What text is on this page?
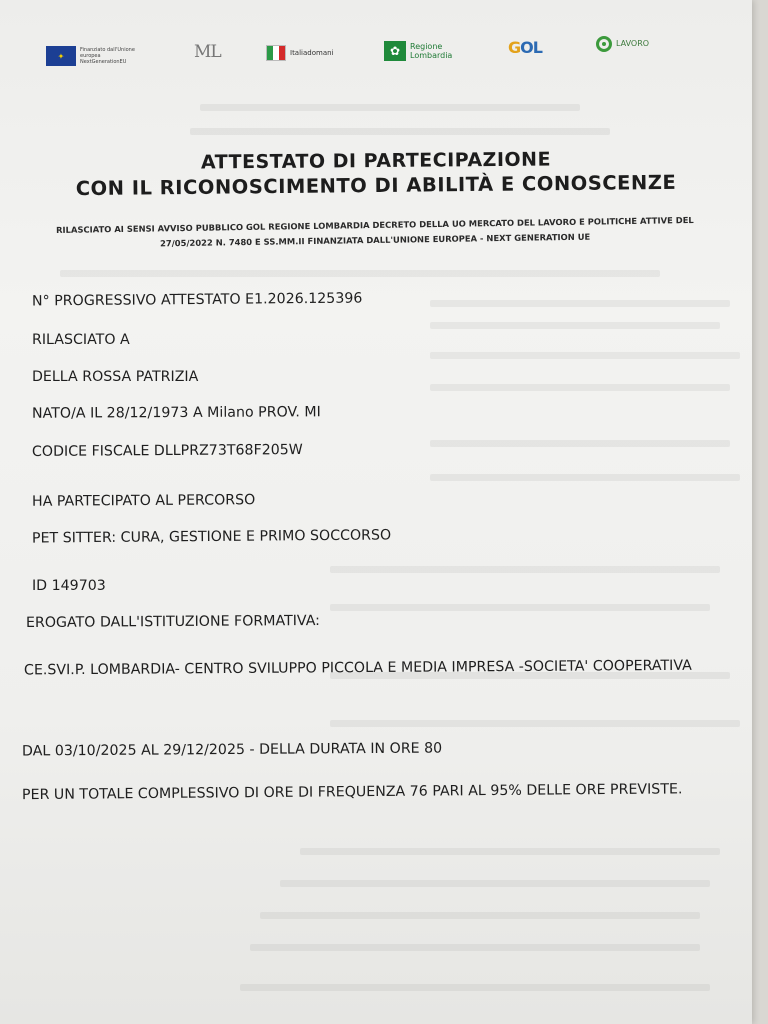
✦
Finanziato dall'Unione europea NextGenerationEU	ML	Italiadomani	✿	Regione Lombardia	GOL	LAVORO
ATTESTATO DI PARTECIPAZIONE
CON IL RICONOSCIMENTO DI ABILITÀ E CONOSCENZE
RILASCIATO AI SENSI AVVISO PUBBLICO GOL REGIONE LOMBARDIA DECRETO DELLA UO MERCATO DEL LAVORO E POLITICHE ATTIVE DEL 27/05/2022 N. 7480 E SS.MM.II FINANZIATA DALL'UNIONE EUROPEA - NEXT GENERATION UE
N° PROGRESSIVO ATTESTATO E1.2026.125396
RILASCIATO A
DELLA ROSSA PATRIZIA
NATO/A IL 28/12/1973 A Milano PROV. MI
CODICE FISCALE DLLPRZ73T68F205W
HA PARTECIPATO AL PERCORSO
PET SITTER: CURA, GESTIONE E PRIMO SOCCORSO
ID 149703
EROGATO DALL'ISTITUZIONE FORMATIVA:
CE.SVI.P. LOMBARDIA- CENTRO SVILUPPO PICCOLA E MEDIA IMPRESA -SOCIETA' COOPERATIVA
DAL 03/10/2025 AL 29/12/2025 - DELLA DURATA IN ORE 80
PER UN TOTALE COMPLESSIVO DI ORE DI FREQUENZA 76 PARI AL 95% DELLE ORE PREVISTE.
